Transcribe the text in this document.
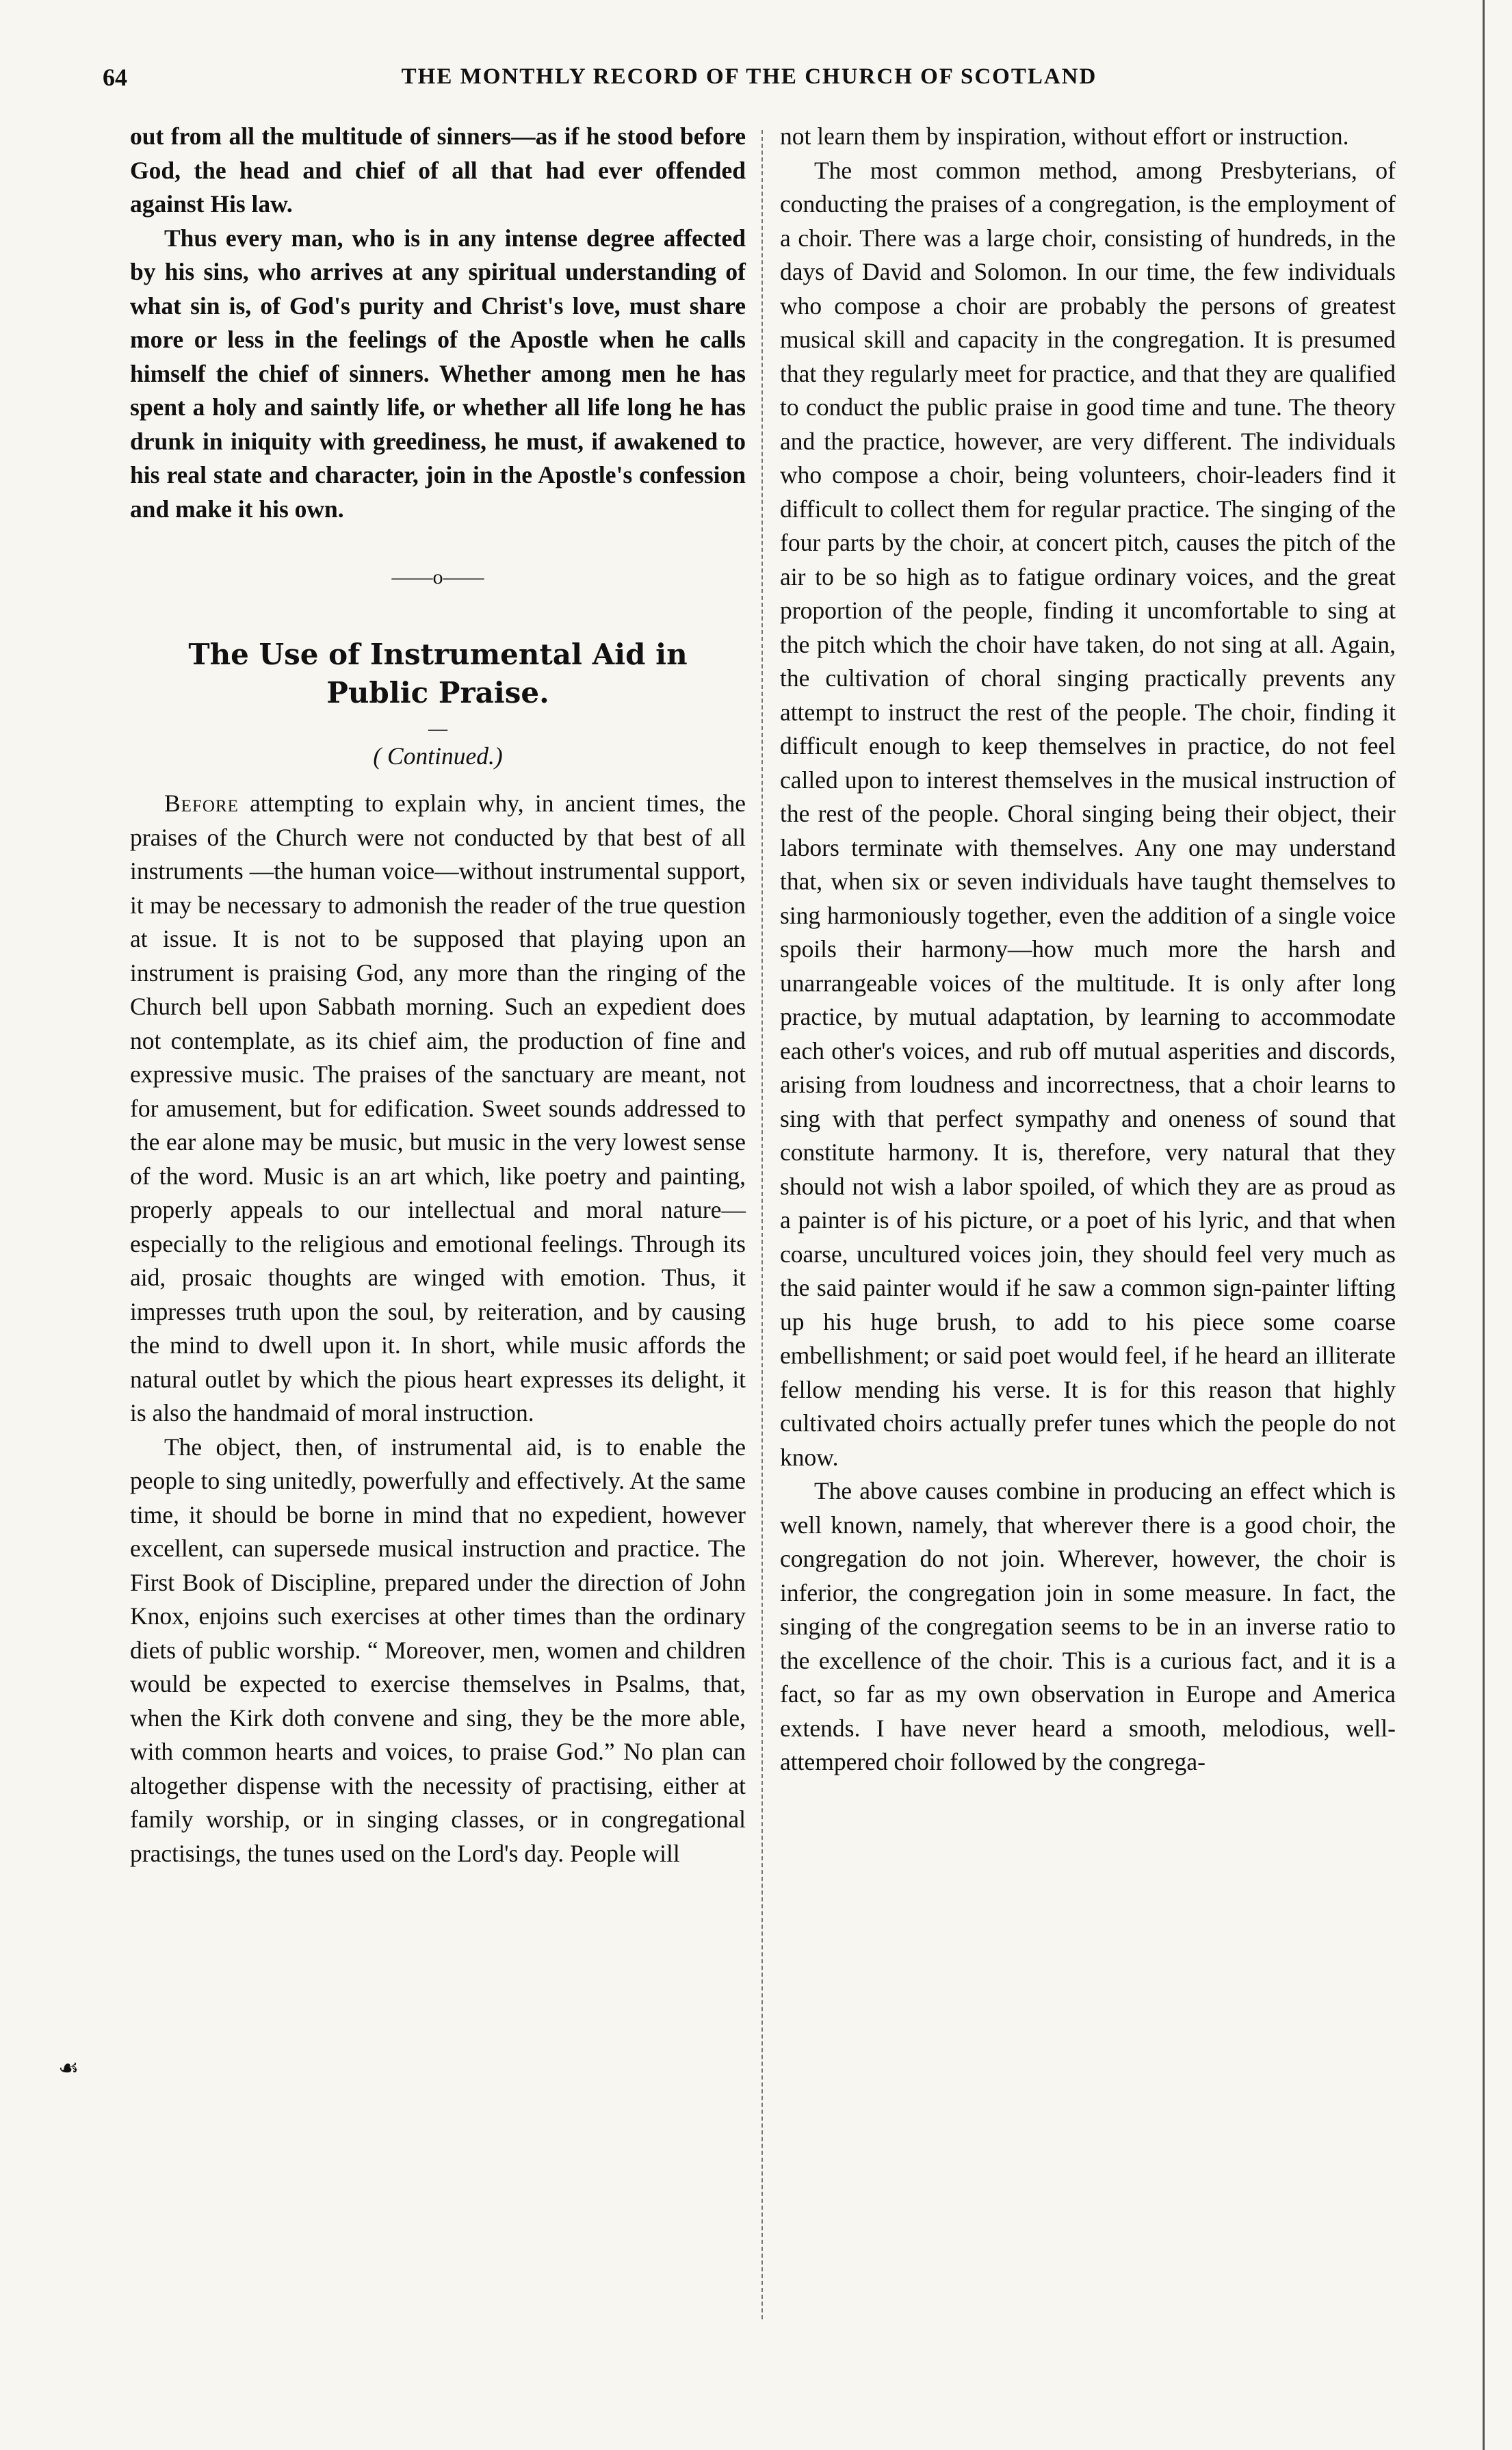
64	THE MONTHLY RECORD OF THE CHURCH OF SCOTLAND
☙

out from all the multitude of sinners—as if he stood before God, the head and chief of all that had ever offended against His law.

Thus every man, who is in any intense degree affected by his sins, who arrives at any spiritual understanding of what sin is, of God's purity and Christ's love, must share more or less in the feelings of the Apostle when he calls himself the chief of sinners. Whether among men he has spent a holy and saintly life, or whether all life long he has drunk in iniquity with greediness, he must, if awakened to his real state and character, join in the Apostle's confession and make it his own.

——o——
The Use of Instrumental Aid in
Public Praise.
—
( Continued.)

Before attempting to explain why, in ancient times, the praises of the Church were not conducted by that best of all instruments —the human voice—without instrumental support, it may be necessary to admonish the reader of the true question at issue. It is not to be supposed that playing upon an instrument is praising God, any more than the ringing of the Church bell upon Sabbath morning. Such an expedient does not contemplate, as its chief aim, the production of fine and expressive music. The praises of the sanctuary are meant, not for amusement, but for edification. Sweet sounds addressed to the ear alone may be music, but music in the very lowest sense of the word. Music is an art which, like poetry and painting, properly appeals to our intellectual and moral nature—especially to the religious and emotional feelings. Through its aid, prosaic thoughts are winged with emotion. Thus, it impresses truth upon the soul, by reiteration, and by causing the mind to dwell upon it. In short, while music affords the natural outlet by which the pious heart expresses its delight, it is also the handmaid of moral instruction.

The object, then, of instrumental aid, is to enable the people to sing unitedly, powerfully and effectively. At the same time, it should be borne in mind that no expedient, however excellent, can supersede musical instruction and practice. The First Book of Discipline, prepared under the direction of John Knox, enjoins such exercises at other times than the ordinary diets of public worship. “ Moreover, men, women and children would be expected to exercise themselves in Psalms, that, when the Kirk doth convene and sing, they be the more able, with common hearts and voices, to praise God.” No plan can altogether dispense with the necessity of practising, either at family worship, or in singing classes, or in congregational practisings, the tunes used on the Lord's day. People will

not learn them by inspiration, without effort or instruction.

The most common method, among Presbyterians, of conducting the praises of a congregation, is the employment of a choir. There was a large choir, consisting of hundreds, in the days of David and Solomon. In our time, the few individuals who compose a choir are probably the persons of greatest musical skill and capacity in the congregation. It is presumed that they regularly meet for practice, and that they are qualified to conduct the public praise in good time and tune. The theory and the practice, however, are very different. The individuals who compose a choir, being volunteers, choir-leaders find it difficult to collect them for regular practice. The singing of the four parts by the choir, at concert pitch, causes the pitch of the air to be so high as to fatigue ordinary voices, and the great proportion of the people, finding it uncomfortable to sing at the pitch which the choir have taken, do not sing at all. Again, the cultivation of choral singing practically prevents any attempt to instruct the rest of the people. The choir, finding it difficult enough to keep themselves in practice, do not feel called upon to interest themselves in the musical instruction of the rest of the people. Choral singing being their object, their labors terminate with themselves. Any one may understand that, when six or seven individuals have taught themselves to sing harmoniously together, even the addition of a single voice spoils their harmony—how much more the harsh and unarrangeable voices of the multitude. It is only after long practice, by mutual adaptation, by learning to accommodate each other's voices, and rub off mutual asperities and discords, arising from loudness and incorrectness, that a choir learns to sing with that perfect sympathy and oneness of sound that constitute harmony. It is, therefore, very natural that they should not wish a labor spoiled, of which they are as proud as a painter is of his picture, or a poet of his lyric, and that when coarse, uncultured voices join, they should feel very much as the said painter would if he saw a common sign-painter lifting up his huge brush, to add to his piece some coarse embellishment; or said poet would feel, if he heard an illiterate fellow mending his verse. It is for this reason that highly cultivated choirs actually prefer tunes which the people do not know.

The above causes combine in producing an effect which is well known, namely, that wherever there is a good choir, the congregation do not join. Wherever, however, the choir is inferior, the congregation join in some measure. In fact, the singing of the congregation seems to be in an inverse ratio to the excellence of the choir. This is a curious fact, and it is a fact, so far as my own observation in Europe and America extends. I have never heard a smooth, melodious, well-attempered choir followed by the congrega-
